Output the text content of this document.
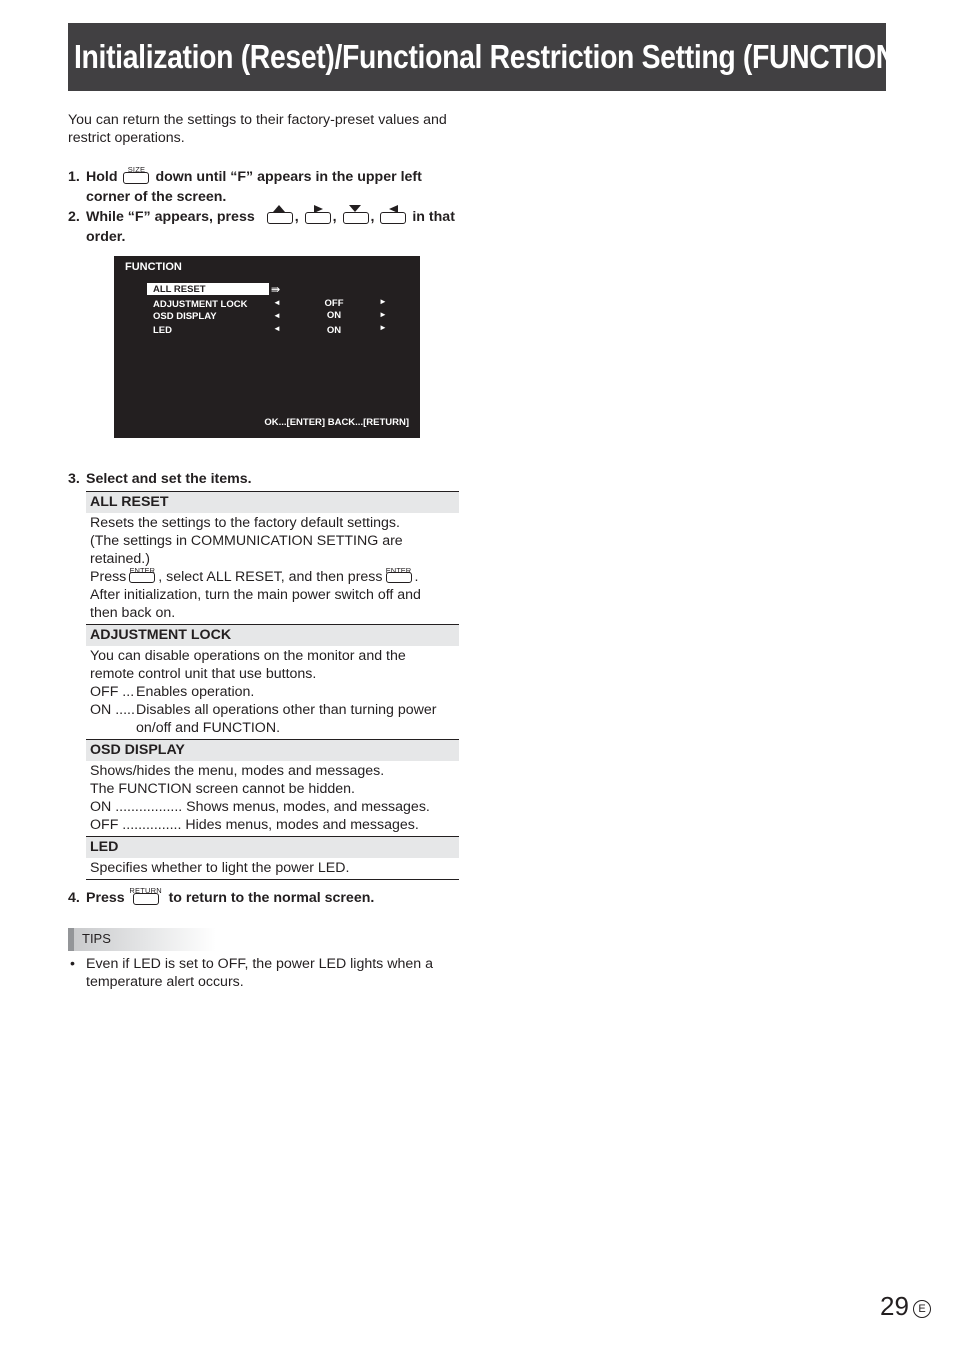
Initialization (Reset)/Functional Restriction Setting (FUNCTION)
You can return the settings to their factory-preset values and restrict operations.
1. Hold	SIZE down until “F” appears in the upper left
corner of the screen.
2. While “F” appears, press	, , ,	in that
order.
FUNCTION
ALL RESET	⇛
ADJUSTMENT LOCK	◄	OFF	►
OSD DISPLAY	◄	ON	►
LED	◄	ON	►
OK...[ENTER] BACK...[RETURN]
3. Select and set the items.
ALL RESET
Resets the settings to the factory default settings.
(The settings in COMMUNICATION SETTING are
retained.)
Press ENTER , select ALL RESET, and then press ENTER .
After initialization, turn the main power switch off and
then back on.
ADJUSTMENT LOCK
You can disable operations on the monitor and the
remote control unit that use buttons.
OFF ... Enables operation.
ON ..... Disables all operations other than turning power on/off and FUNCTION.
OSD DISPLAY
Shows/hides the menu, modes and messages.
The FUNCTION screen cannot be hidden.
ON ................. Shows menus, modes, and messages.
OFF ............... Hides menus, modes and messages.
LED
Specifies whether to light the power LED.
4. Press RETURN to return to the normal screen.
TIPS
• Even if LED is set to OFF, the power LED lights when a temperature alert occurs.
29 E
